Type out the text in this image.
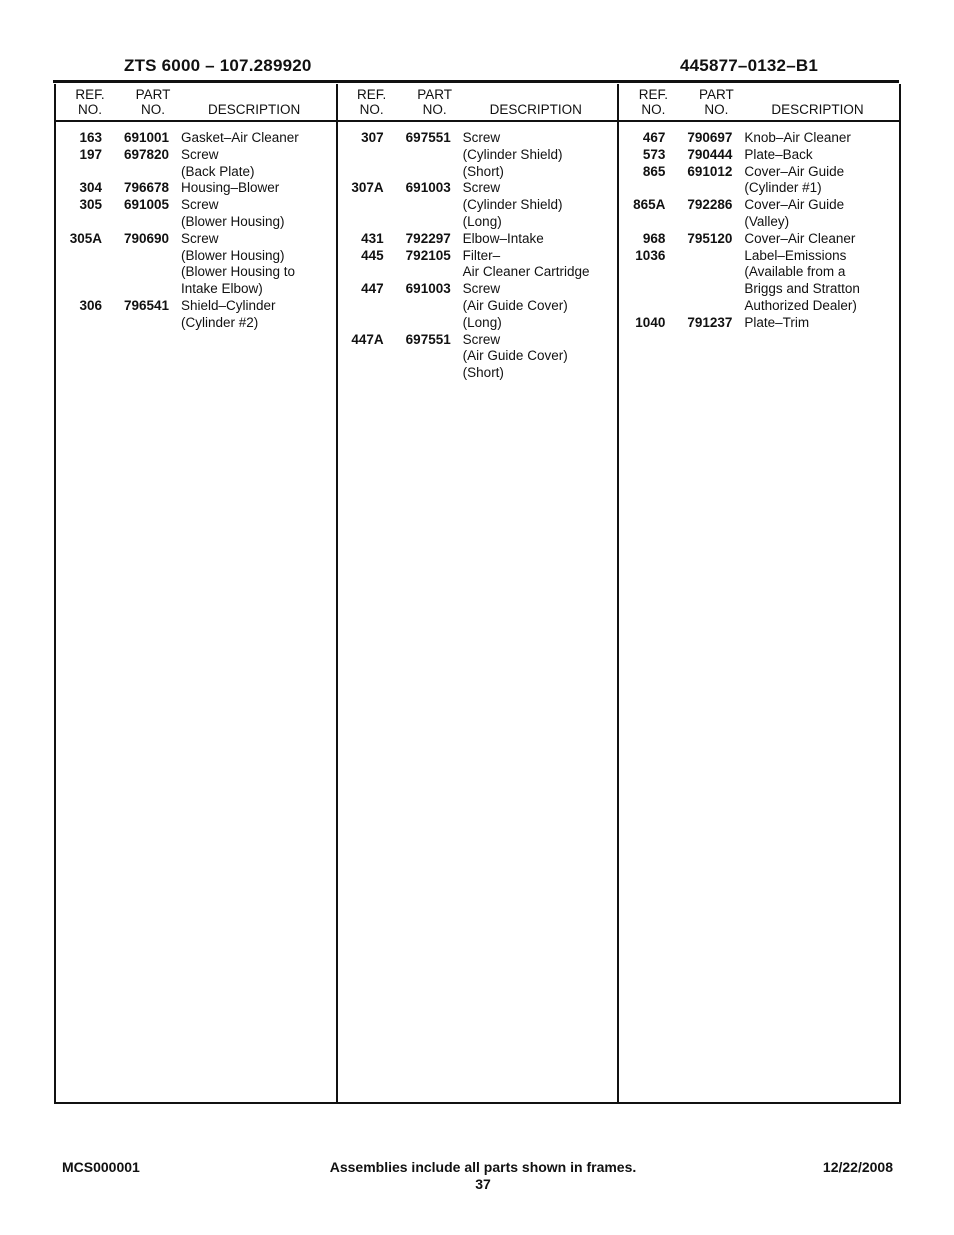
ZTS 6000 – 107.289920	445877–0132–B1
REF.
NO.
PART
NO.	DESCRIPTION
163 691001 Gasket–Air Cleaner
197 697820 Screw
(Back Plate)
304 796678 Housing–Blower
305 691005 Screw
(Blower Housing)
305A 790690 Screw
(Blower Housing)
(Blower Housing to
Intake Elbow)
306 796541 Shield–Cylinder
(Cylinder #2)
REF.
NO.
PART
NO.	DESCRIPTION
307 697551 Screw
(Cylinder Shield)
(Short)
307A 691003 Screw
(Cylinder Shield)
(Long)
431 792297 Elbow–Intake
445 792105 Filter–
Air Cleaner Cartridge
447 691003 Screw
(Air Guide Cover)
(Long)
447A 697551 Screw
(Air Guide Cover)
(Short)
REF.
NO.
PART
NO.	DESCRIPTION
467 790697 Knob–Air Cleaner
573 790444 Plate–Back
865 691012 Cover–Air Guide
(Cylinder #1)
865A 792286 Cover–Air Guide
(Valley)
968 795120 Cover–Air Cleaner
1036	Label–Emissions
(Available from a
Briggs and Stratton
Authorized Dealer)
1040 791237 Plate–Trim
MCS000001	Assemblies include all parts shown in frames.
37
12/22/2008
